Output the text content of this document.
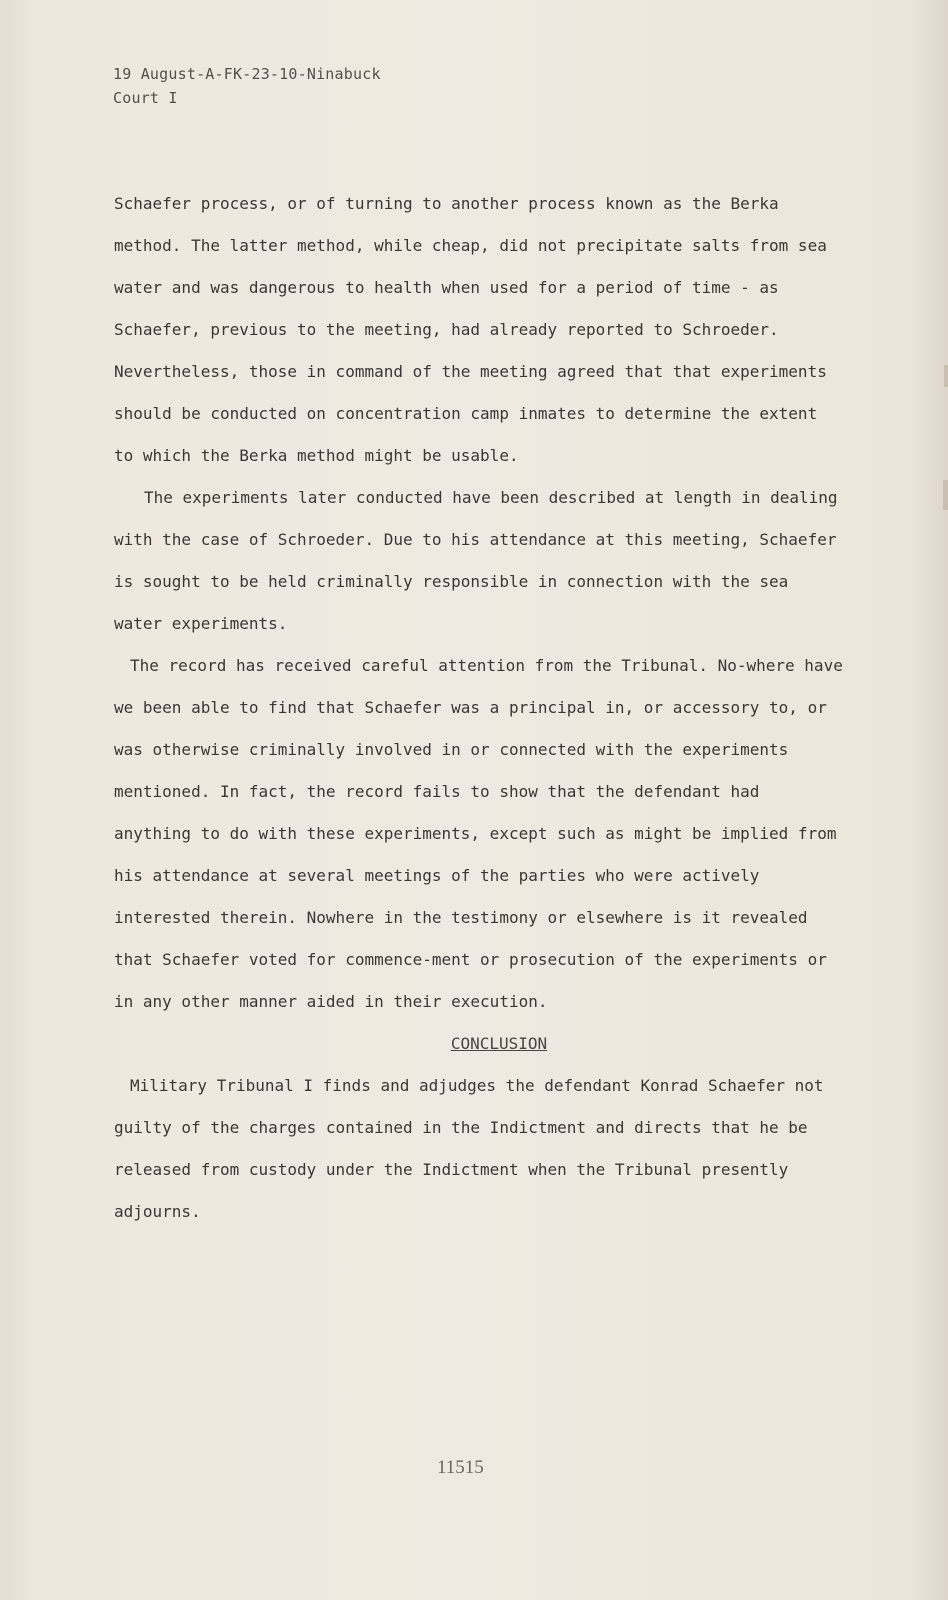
19 August-A-FK-23-10-Ninabuck
Court I

Schaefer process, or of turning to another process known as the Berka method. The latter method, while cheap, did not precipitate salts from sea water and was dangerous to health when used for a period of time - as Schaefer, previous to the meeting, had already reported to Schroeder. Nevertheless, those in command of the meeting agreed that that experiments should be conducted on concentration camp inmates to determine the extent to which the Berka method might be usable.

The experiments later conducted have been described at length in dealing with the case of Schroeder. Due to his attendance at this meeting, Schaefer is sought to be held criminally responsible in connection with the sea water experiments.

The record has received careful attention from the Tribunal. No-where have we been able to find that Schaefer was a principal in, or accessory to, or was otherwise criminally involved in or connected with the experiments mentioned. In fact, the record fails to show that the defendant had anything to do with these experiments, except such as might be implied from his attendance at several meetings of the parties who were actively interested therein. Nowhere in the testimony or elsewhere is it revealed that Schaefer voted for commence-ment or prosecution of the experiments or in any other manner aided in their execution.

CONCLUSION

Military Tribunal I finds and adjudges the defendant Konrad Schaefer not guilty of the charges contained in the Indictment and directs that he be released from custody under the Indictment when the Tribunal presently adjourns.

11515
